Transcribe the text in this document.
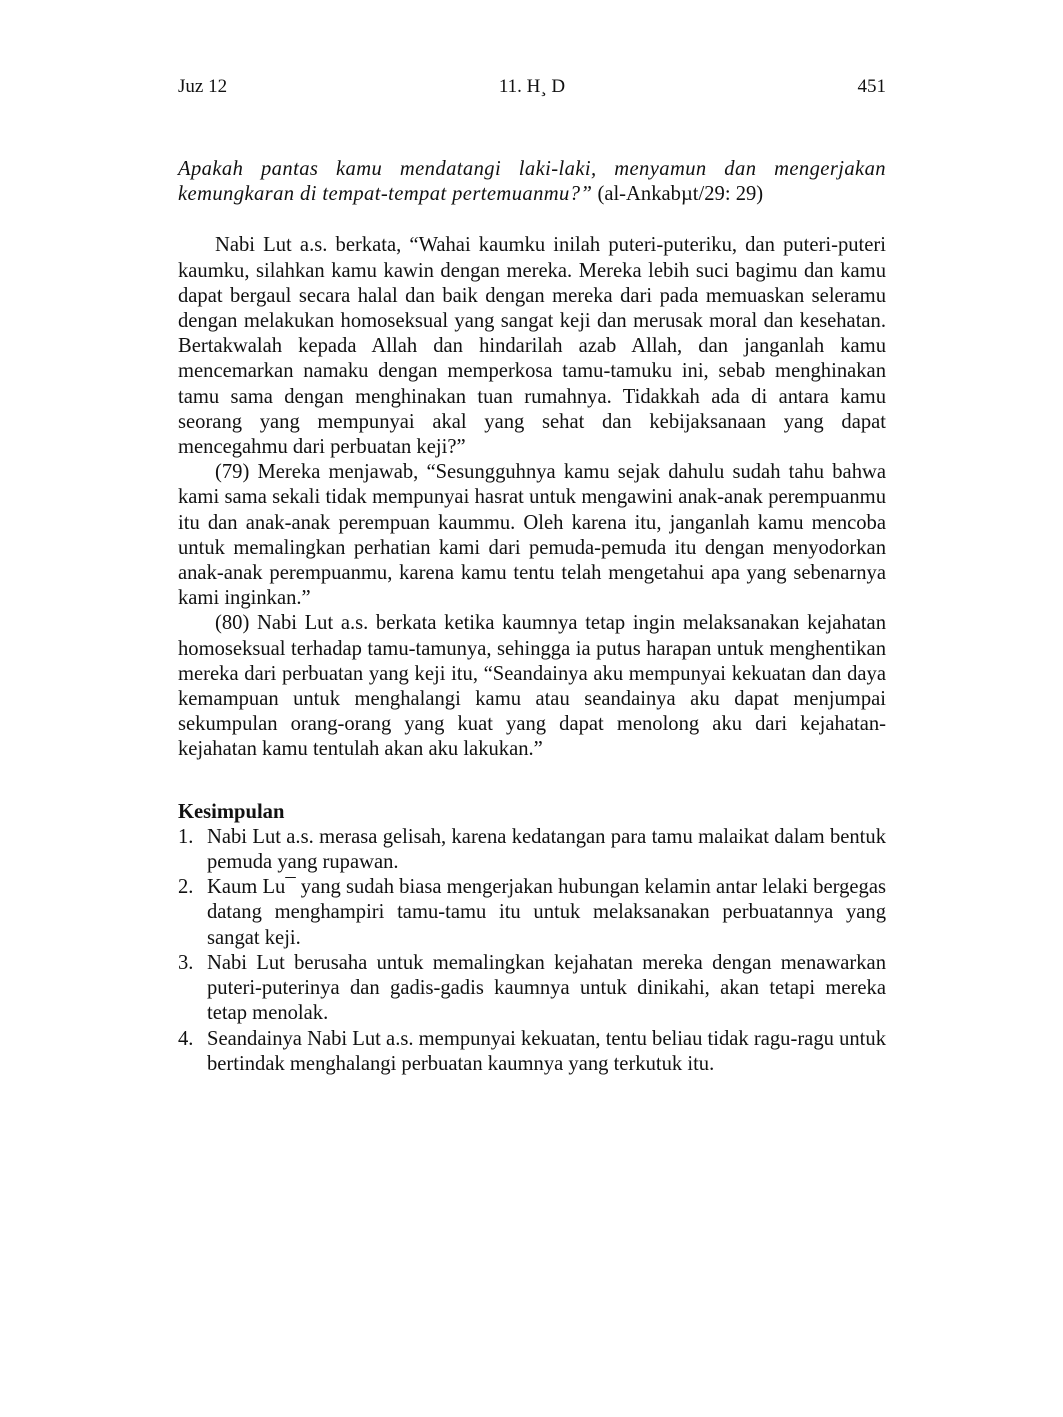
Juz 12	11. H¸ D	451

Apakah pantas kamu mendatangi laki-laki, menyamun dan mengerjakan kemungkaran di tempat-tempat pertemuanmu?” (al-Ankabµt/29: 29)

Nabi Lut a.s. berkata, “Wahai kaumku inilah puteri-puteriku, dan puteri-puteri kaumku, silahkan kamu kawin dengan mereka. Mereka lebih suci bagimu dan kamu dapat bergaul secara halal dan baik dengan mereka dari pada memuaskan seleramu dengan melakukan homoseksual yang sangat keji dan merusak moral dan kesehatan. Bertakwalah kepada Allah dan hindarilah azab Allah, dan janganlah kamu mencemarkan namaku dengan memperkosa tamu-tamuku ini, sebab menghinakan tamu sama dengan menghinakan tuan rumahnya. Tidakkah ada di antara kamu seorang yang mempunyai akal yang sehat dan kebijaksanaan yang dapat mencegahmu dari perbuatan keji?”

(79) Mereka menjawab, “Sesungguhnya kamu sejak dahulu sudah tahu bahwa kami sama sekali tidak mempunyai hasrat untuk mengawini anak-anak perempuanmu itu dan anak-anak perempuan kaummu. Oleh karena itu, janganlah kamu mencoba untuk memalingkan perhatian kami dari pemuda-pemuda itu dengan menyodorkan anak-anak perempuanmu, karena kamu tentu telah mengetahui apa yang sebenarnya kami inginkan.”

(80) Nabi Lut a.s. berkata ketika kaumnya tetap ingin melaksanakan kejahatan homoseksual terhadap tamu-tamunya, sehingga ia putus harapan untuk menghentikan mereka dari perbuatan yang keji itu, “Seandainya aku mempunyai kekuatan dan daya kemampuan untuk menghalangi kamu atau seandainya aku dapat menjumpai sekumpulan orang-orang yang kuat yang dapat menolong aku dari kejahatan-kejahatan kamu tentulah akan aku lakukan.”

Kesimpulan
1. Nabi Lut a.s. merasa gelisah, karena kedatangan para tamu malaikat dalam bentuk pemuda yang rupawan.
2. Kaum Lu¯ yang sudah biasa mengerjakan hubungan kelamin antar lelaki bergegas datang menghampiri tamu-tamu itu untuk melaksanakan perbuatannya yang sangat keji.
3. Nabi Lut berusaha untuk memalingkan kejahatan mereka dengan menawarkan puteri-puterinya dan gadis-gadis kaumnya untuk dinikahi, akan tetapi mereka tetap menolak.
4. Seandainya Nabi Lut a.s. mempunyai kekuatan, tentu beliau tidak ragu-ragu untuk bertindak menghalangi perbuatan kaumnya yang terkutuk itu.
